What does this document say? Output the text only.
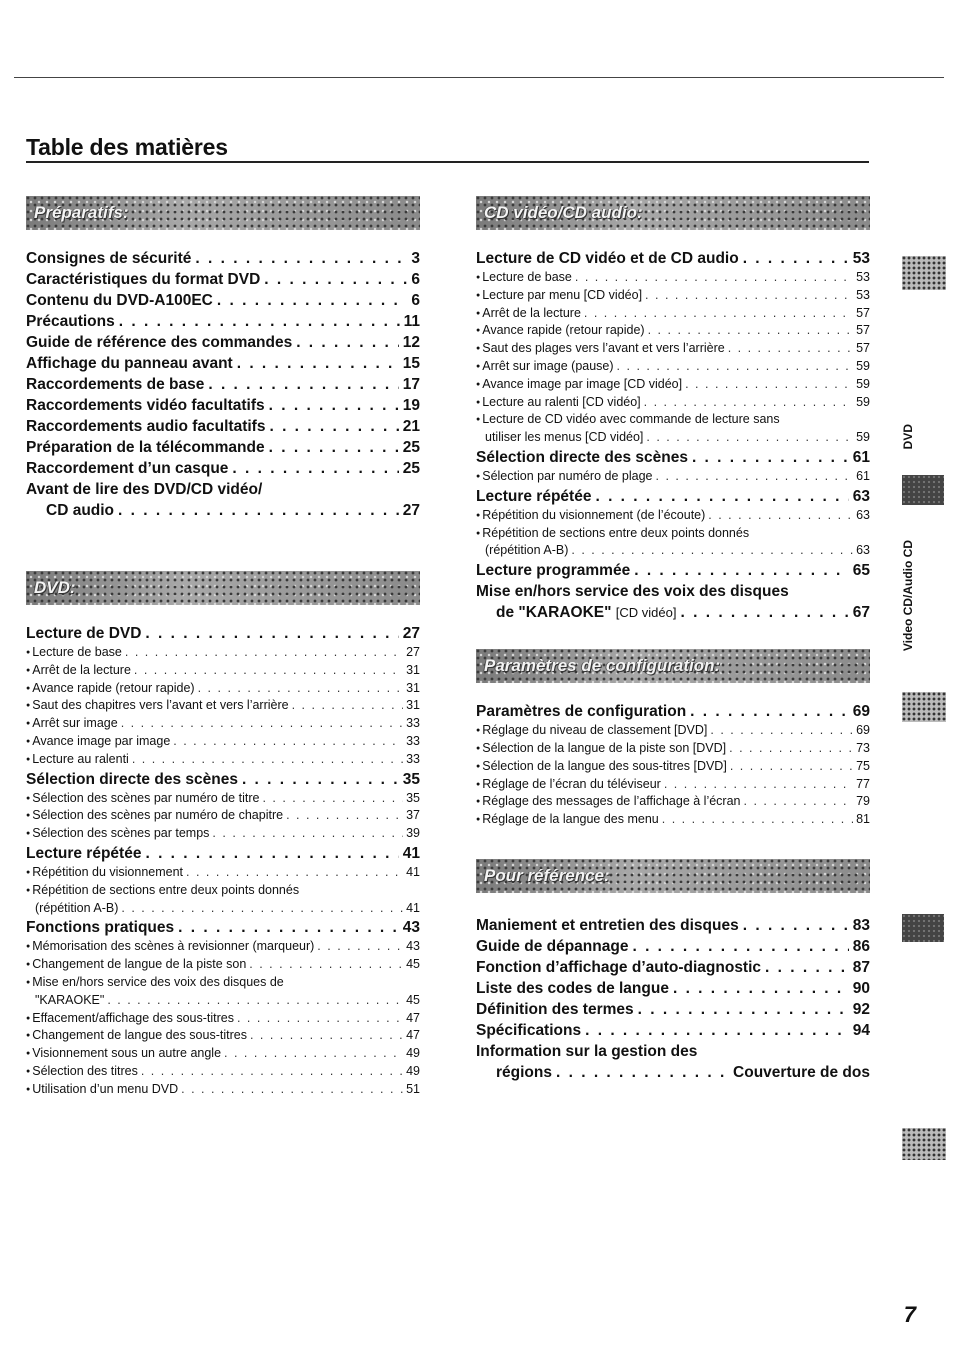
Table des matières
Préparatifs:
Consignes de sécurité . . .	3
Caractéristiques du format DVD . . .	6
Contenu du DVD-A100EC . . .	6
Précautions . . .	11
Guide de référence des commandes . . .	12
Affichage du panneau avant . . .	15
Raccordements de base . . .	17
Raccordements vidéo facultatifs . . .	19
Raccordements audio facultatifs . . .	21
Préparation de la télécommande . . .	25
Raccordement d’un casque . . .	25
Avant de lire des DVD/CD vidéo/
CD audio . . .	27
DVD:
Lecture de DVD . . .	27
● Lecture de base . . .	27
● Arrêt de la lecture . . .	31
● Avance rapide (retour rapide) . . .	31
● Saut des chapitres vers l’avant et vers l’arrière . . .	31
● Arrêt sur image . . .	33
● Avance image par image . . .	33
● Lecture au ralenti . . .	33
Sélection directe des scènes . . .	35
● Sélection des scènes par numéro de titre . . .	35
● Sélection des scènes par numéro de chapitre . . .	37
● Sélection des scènes par temps . . .	39
Lecture répétée . . .	41
● Répétition du visionnement . . .	41
● Répétition de sections entre deux points donnés
(répétition A-B) . . .	41
Fonctions pratiques . . .	43
● Mémorisation des scènes à revisionner (marqueur) . . .	43
● Changement de langue de la piste son . . .	45
● Mise en/hors service des voix des disques de
"KARAOKE" . . .	45
● Effacement/affichage des sous-titres . . .	47
● Changement de langue des sous-titres . . .	47
● Visionnement sous un autre angle . . .	49
● Sélection des titres . . .	49
● Utilisation d’un menu DVD . . .	51
CD vidéo/CD audio:
Lecture de CD vidéo et de CD audio . . .	53
● Lecture de base . . .	53
● Lecture par menu [CD vidéo] . . .	53
● Arrêt de la lecture . . .	57
● Avance rapide (retour rapide) . . .	57
● Saut des plages vers l’avant et vers l’arrière . . .	57
● Arrêt sur image (pause) . . .	59
● Avance image par image [CD vidéo] . . .	59
● Lecture au ralenti [CD vidéo] . . .	59
● Lecture de CD vidéo avec commande de lecture sans
utiliser les menus [CD vidéo] . . .	59
Sélection directe des scènes . . .	61
● Sélection par numéro de plage . . .	61
Lecture répétée . . .	63
● Répétition du visionnement (de l’écoute) . . .	63
● Répétition de sections entre deux points donnés
(répétition A-B) . . .	63
Lecture programmée . . .	65
Mise en/hors service des voix des disques
de "KARAOKE" [CD vidéo] . . .	67
Paramètres de configuration:
Paramètres de configuration . . .	69
● Réglage du niveau de classement [DVD] . . .	69
● Sélection de la langue de la piste son [DVD] . . .	73
● Sélection de la langue des sous-titres [DVD] . . .	75
● Réglage de l’écran du téléviseur . . .	77
● Réglage des messages de l’affichage à l’écran . . .	79
● Réglage de la langue des menu . . .	81
Pour référence:
Maniement et entretien des disques . . .	83
Guide de dépannage . . .	86
Fonction d’affichage d’auto-diagnostic . . .	87
Liste des codes de langue . . .	90
Définition des termes . . .	92
Spécifications . . .	94
Information sur la gestion des
régions . . .	Couverture de dos
DVD
Video CD/Audio CD
7
